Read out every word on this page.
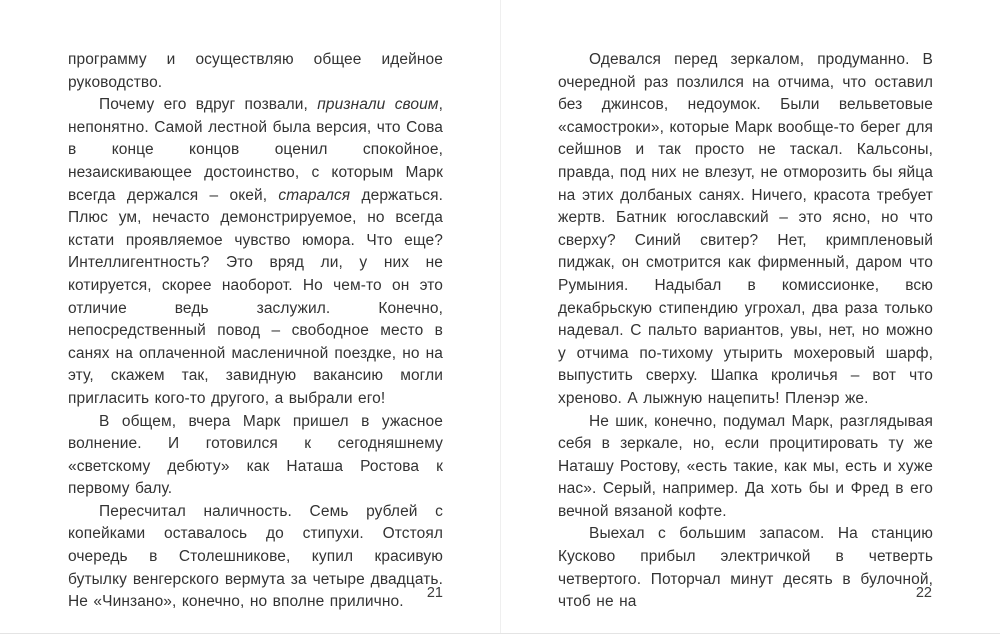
программу и осуществляю общее идейное руководство.

Почему его вдруг позвали, признали своим, непонятно. Самой лестной была версия, что Сова в конце концов оценил спокойное, незаискивающее достоинство, с которым Марк всегда держался – окей, старался держаться. Плюс ум, нечасто демонстрируемое, но всегда кстати проявляемое чувство юмора. Что еще? Интеллигентность? Это вряд ли, у них не котируется, скорее наоборот. Но чем-то он это отличие ведь заслужил. Конечно, непосредственный повод – свободное место в санях на оплаченной масленичной поездке, но на эту, скажем так, завидную вакансию могли пригласить кого-то другого, а выбрали его!

В общем, вчера Марк пришел в ужасное волнение. И готовился к сегодняшнему «светскому дебюту» как Наташа Ростова к первому балу.

Пересчитал наличность. Семь рублей с копейками оставалось до стипухи. Отстоял очередь в Столешникове, купил красивую бутылку венгерского вермута за четыре двадцать. Не «Чинзано», конечно, но вполне прилично.

21

Одевался перед зеркалом, продуманно. В очередной раз позлился на отчима, что оставил без джинсов, недоумок. Были вельветовые «самостроки», которые Марк вообще-то берег для сейшнов и так просто не таскал. Кальсоны, правда, под них не влезут, не отморозить бы яйца на этих долбаных санях. Ничего, красота требует жертв. Батник югославский – это ясно, но что сверху? Синий свитер? Нет, кримпленовый пиджак, он смотрится как фирменный, даром что Румыния. Надыбал в комиссионке, всю декабрьскую стипендию угрохал, два раза только надевал. С пальто вариантов, увы, нет, но можно у отчима по-тихому утырить мохеровый шарф, выпустить сверху. Шапка кроличья – вот что хреново. А лыжную нацепить! Пленэр же.

Не шик, конечно, подумал Марк, разглядывая себя в зеркале, но, если процитировать ту же Наташу Ростову, «есть такие, как мы, есть и хуже нас». Серый, например. Да хоть бы и Фред в его вечной вязаной кофте.

Выехал с большим запасом. На станцию Кусково прибыл электричкой в четверть четвертого. Поторчал минут десять в булочной, чтоб не на

22
